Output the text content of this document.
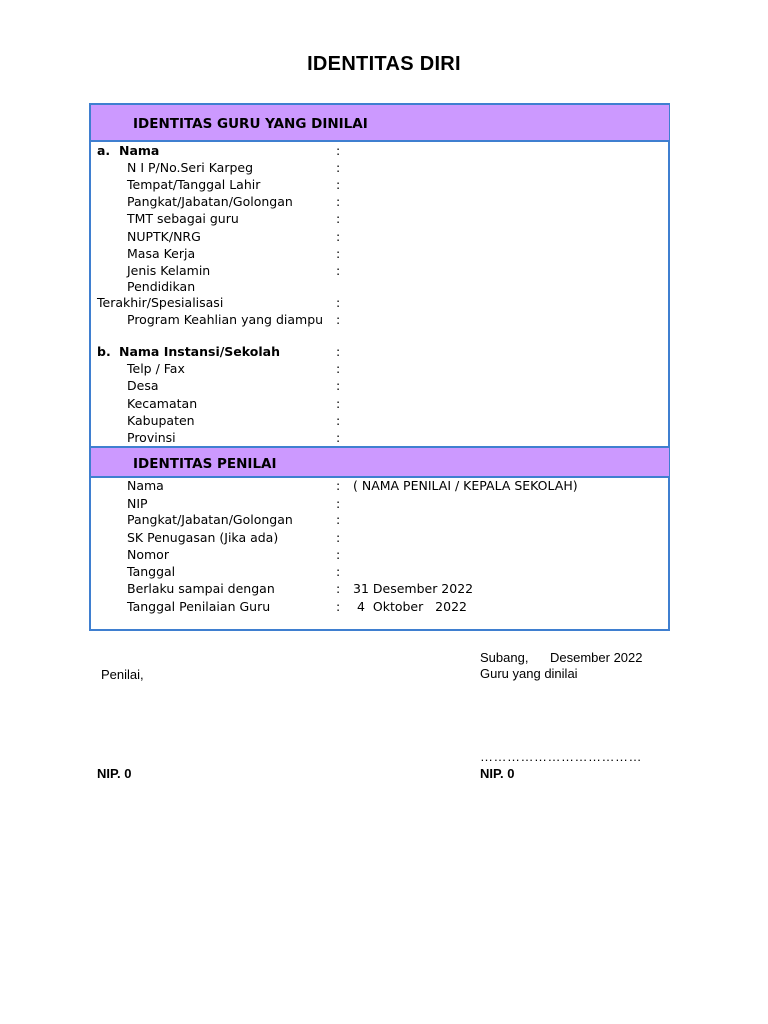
IDENTITAS DIRI
IDENTITAS GURU YANG DINILAI
a. Nama	:
N I P/No.Seri Karpeg	:
Tempat/Tanggal Lahir	:
Pangkat/Jabatan/Golongan	:
TMT sebagai guru	:
NUPTK/NRG	:
Masa Kerja	:
Jenis Kelamin	:
Pendidikan
Terakhir/Spesialisasi	:
Program Keahlian yang diampu :
b. Nama Instansi/Sekolah	:
Telp / Fax	:
Desa	:
Kecamatan	:
Kabupaten	:
Provinsi	:
IDENTITAS PENILAI
Nama	: ( NAMA PENILAI / KEPALA SEKOLAH)
NIP	:
Pangkat/Jabatan/Golongan	:
SK Penugasan (Jika ada)	:
Nomor	:
Tanggal	:
Berlaku sampai dengan	: 31 Desember 2022
Tanggal Penilaian Guru	: 4  Oktober   2022
Subang, Desember 2022
Penilai,	Guru yang dinilai
………………………………
NIP. 0	NIP. 0
